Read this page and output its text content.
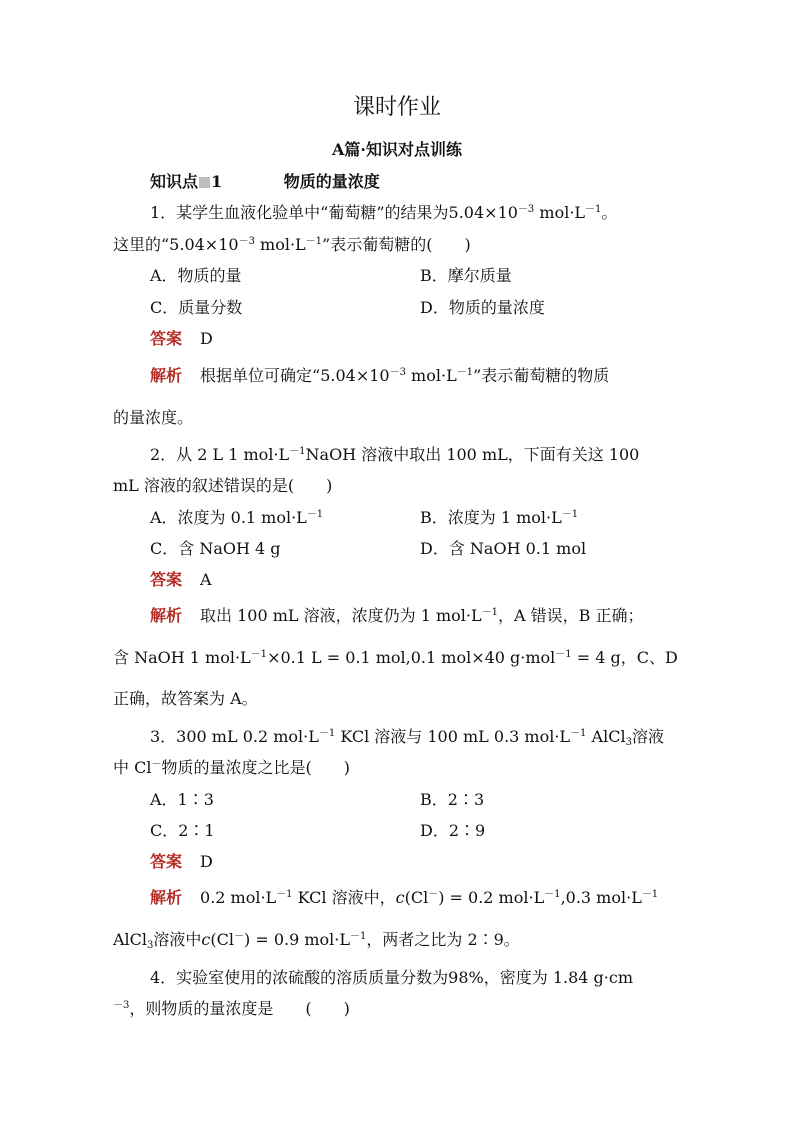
课时作业
A篇·知识对点训练
知识点 1	物质的量浓度
1．某学生血液化验单中“葡萄糖”的结果为$5.04\times 10^{-3}$ $mol\cdot L^{-1}$。
这里的“$5.04\times 10^{-3}$ $mol\cdot L^{-1}$”表示葡萄糖的(　　)
A．物质的量	B．摩尔质量
C．质量分数	D．物质的量浓度
答案 D
解析 根据单位可确定“$5.04\times 10^{-3}$ $mol\cdot L^{-1}$”表示葡萄糖的物质
的量浓度。
2．从 2 L 1 $mol\cdot L^{-1}NaOH$ 溶液中取出 100 mL，下面有关这 100
mL 溶液的叙述错误的是(　　)
A．浓度为 0.1 $mol\cdot L^{-1}$	B．浓度为 1 $mol\cdot L^{-1}$
C．含 NaOH 4 g	D．含 NaOH 0.1 mol
答案 A
解析 取出 100 mL 溶液，浓度仍为 1 $mol\cdot L^{-1}$，A 错误，B 正确；
含 NaOH 1 $mol\cdot L^{-1}\times 0.1$ L = 0.1 mol,0.1 mol×40 g·mol$^{-1}$ = 4 g，C、D
正确，故答案为 A。
3．300 mL 0.2 $mol\cdot L^{-1}$ KCl 溶液与 100 mL 0.3 $mol\cdot L^{-1}$ AlCl$_3$溶液
中 Cl－物质的量浓度之比是(　　)
A．1∶3	B．2∶3
C．2∶1	D．2∶9
答案 D
解析 0.2 $mol\cdot L^{-1}$ KCl 溶液中，c(Cl－) = 0.2 $mol\cdot L^{-1},0.3$ $mol\cdot L^{-1}$
AlCl$_3$溶液中c(Cl－) = 0.9 $mol\cdot L^{-1}$，两者之比为 2∶9。
4．实验室使用的浓硫酸的溶质质量分数为98%，密度为 1.84 g·cm
$^{-3}$，则物质的量浓度是　　(　　)
